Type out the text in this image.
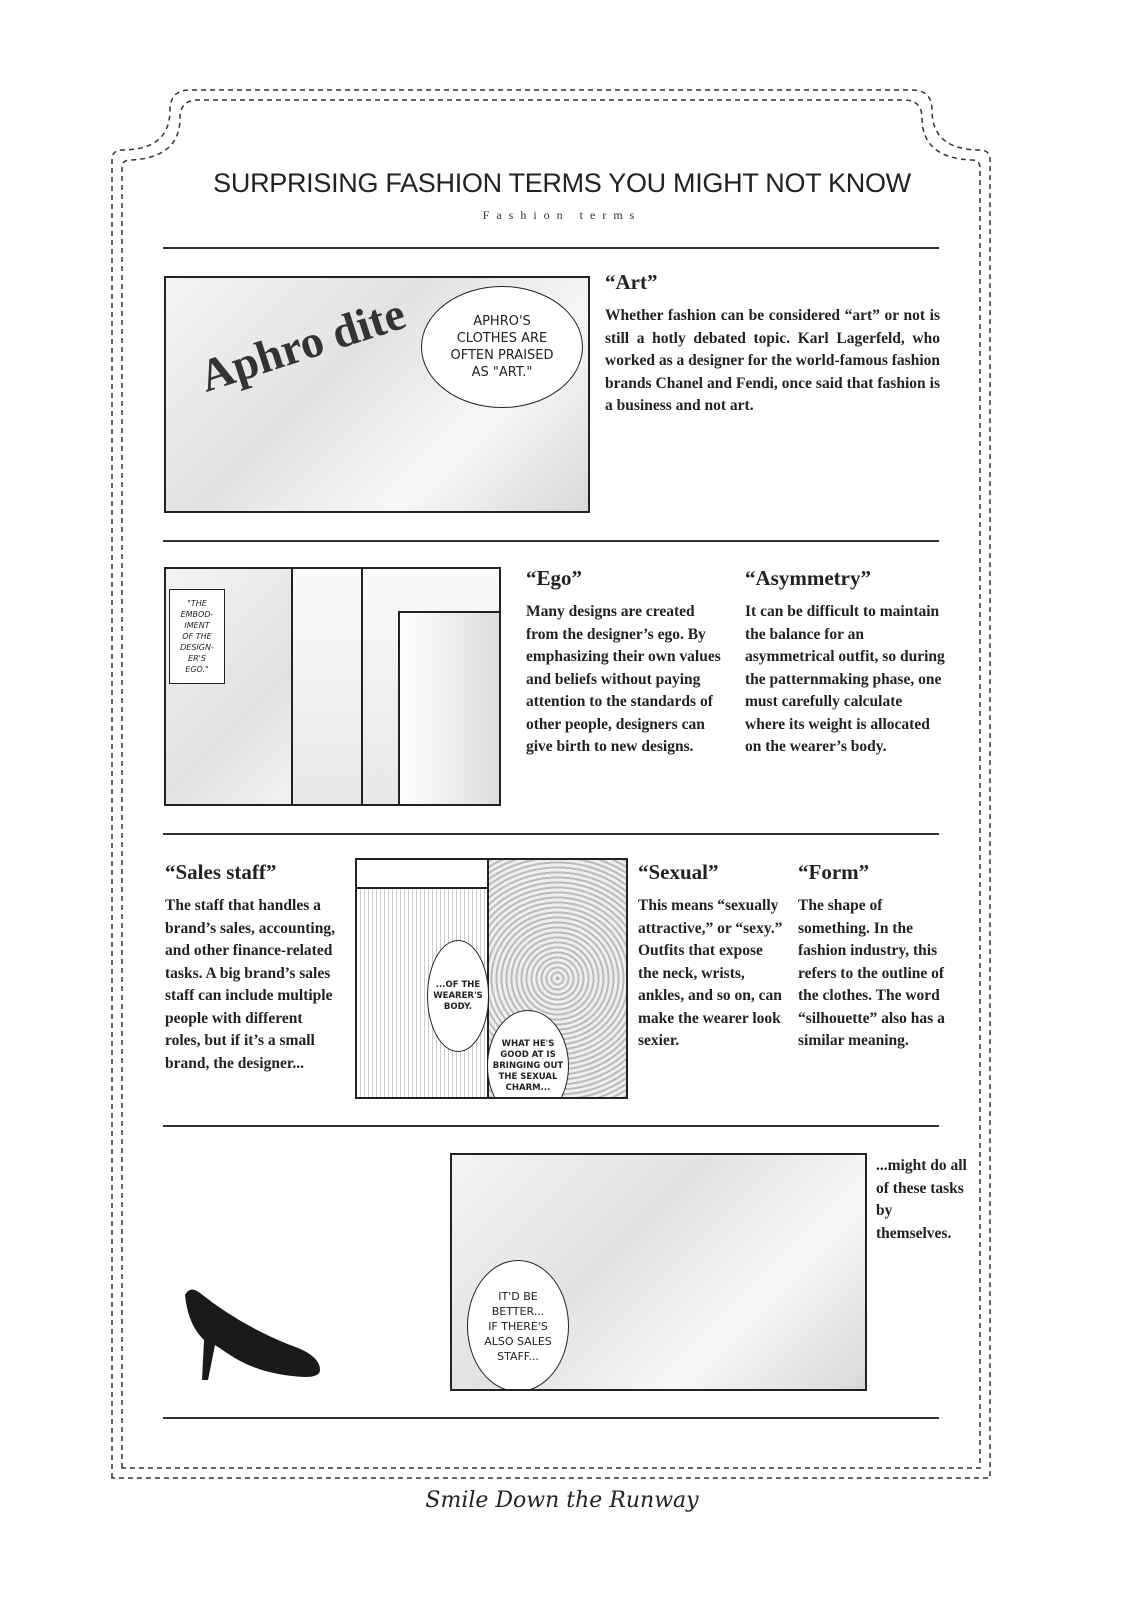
SURPRISING FASHION TERMS YOU MIGHT NOT KNOW
Fashion terms
Aphro dite	APHRO'S
CLOTHES ARE
OFTEN PRAISED
AS "ART."
“Art”

Whether fashion can be considered “art” or not is still a hotly debated topic. Karl Lagerfeld, who worked as a designer for the world-famous fashion brands Chanel and Fendi, once said that fashion is a business and not art.

"THE
EMBOD-
IMENT
OF THE
DESIGN-
ER'S
EGO."
“Ego”

Many designs are created from the designer’s ego. By emphasizing their own values and beliefs without paying attention to the standards of other people, designers can give birth to new designs.

“Asymmetry”

It can be difficult to maintain the balance for an asymmetrical outfit, so during the patternmaking phase, one must carefully calculate where its weight is allocated on the wearer’s body.

“Sales staff”

The staff that handles a brand’s sales, accounting, and other finance-related tasks. A big brand’s sales staff can include multiple people with different roles, but if it’s a small brand, the designer...

...OF THE
WEARER'S
BODY.
WHAT HE'S
GOOD AT IS
BRINGING OUT
THE SEXUAL
CHARM...
“Sexual”

This means “sexually attractive,” or “sexy.” Outfits that expose the neck, wrists, ankles, and so on, can make the wearer look sexier.

“Form”

The shape of something. In the fashion industry, this refers to the outline of the clothes. The word “silhouette” also has a similar meaning.

IT'D BE
BETTER...
IF THERE'S
ALSO SALES
STAFF...

...might do all of these tasks by themselves.

Smile Down the Runway
